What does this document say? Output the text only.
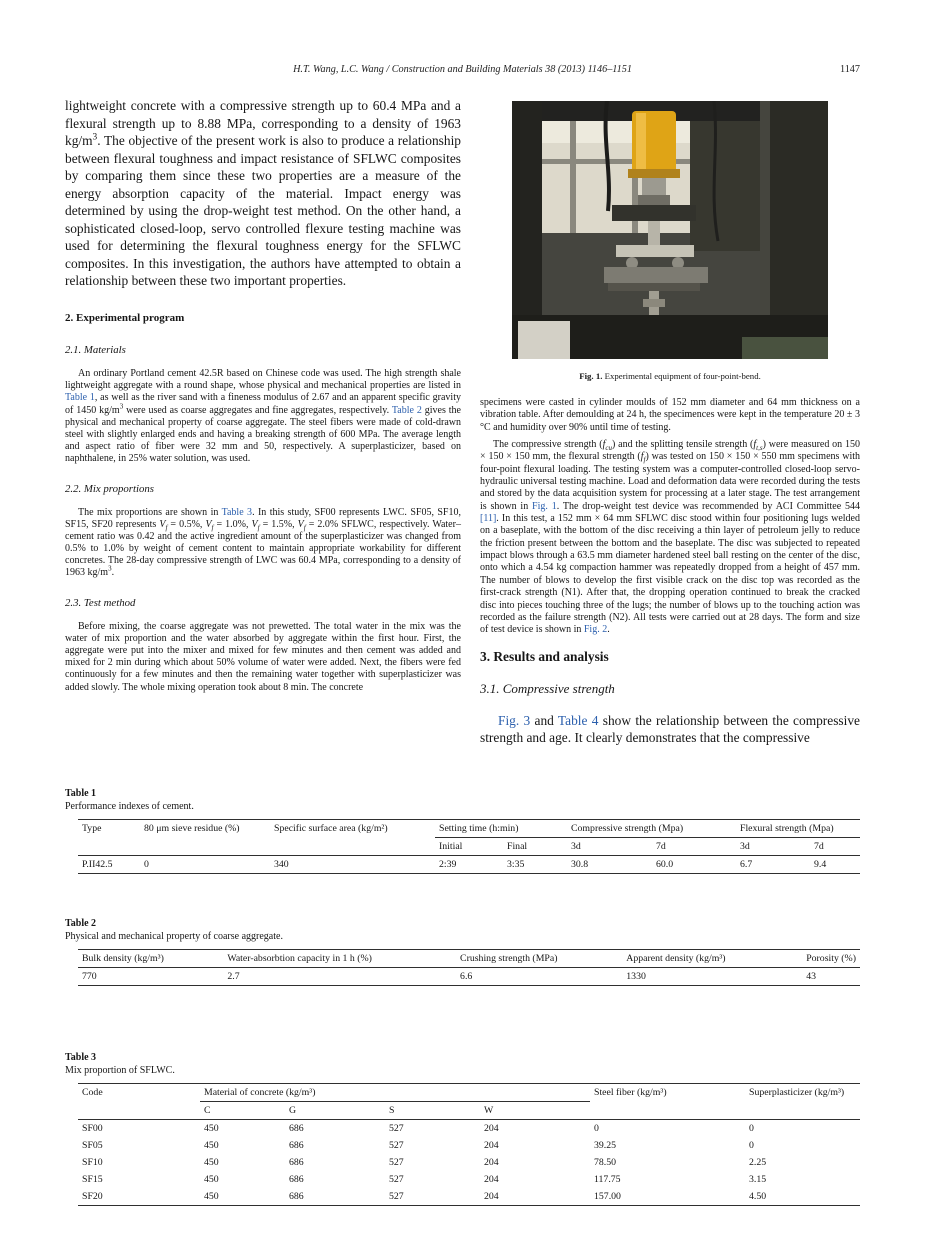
H.T. Wang, L.C. Wang / Construction and Building Materials 38 (2013) 1146–1151	1147

lightweight concrete with a compressive strength up to 60.4 MPa and a flexural strength up to 8.88 MPa, corresponding to a density of 1963 $kg/m^3$. The objective of the present work is also to produce a relationship between flexural toughness and impact resistance of SFLWC composites by comparing them since these two properties are a measure of the energy absorption capacity of the material. Impact energy was determined by using the drop-weight test method. On the other hand, a sophisticated closed-loop, servo controlled flexure testing machine was used for determining the flexural toughness energy for the SFLWC composites. In this investigation, the authors have attempted to obtain a relationship between these two important properties.

2. Experimental program
2.1. Materials

An ordinary Portland cement 42.5R based on Chinese code was used. The high strength shale lightweight aggregate with a round shape, whose physical and mechanical properties are listed in Table 1, as well as the river sand with a fineness modulus of 2.67 and an apparent specific gravity of 1450 $kg/m^3$ were used as coarse aggregates and fine aggregates, respectively. Table 2 gives the physical and mechanical property of coarse aggregate. The steel fibers were made of cold-drawn steel with slightly enlarged ends and having a breaking strength of 600 MPa. The average length and aspect ratio of fiber were 32 mm and 50, respectively. A superplasticizer, based on naphthalene, in 25% water solution, was used.

2.2. Mix proportions

The mix proportions are shown in Table 3. In this study, SF00 represents LWC. SF05, SF10, SF15, SF20 represents $V_f = 0.5\%$, $V_f = 1.0\%$, $V_f = 1.5\%$, $V_f = 2.0\%$ SFLWC, respectively. Water–cement ratio was 0.42 and the active ingredient amount of the superplasticizer was changed from 0.5% to 1.0% by weight of cement content to maintain appropriate workability for different concretes. The 28-day compressive strength of LWC was 60.4 MPa, corresponding to a density of 1963 $kg/m^3$.

2.3. Test method

Before mixing, the coarse aggregate was not prewetted. The total water in the mix was the water of mix proportion and the water absorbed by aggregate within the first hour. First, the aggregate were put into the mixer and mixed for few minutes and then cement was added and mixed for 2 min during which about 50% volume of water were added. Next, the fibers were fed continuously for a few minutes and then the remaining water together with superplasticizer was added slowly. The whole mixing operation took about 8 min. The concrete

Fig. 1. Experimental equipment of four-point-bend.

specimens were casted in cylinder moulds of 152 mm diameter and 64 mm thickness on a vibration table. After demoulding at 24 h, the specimences were kept in the temperature 20 ± 3 °C and humidity over 90% until time of testing.

The compressive strength $(f_{cu})$ and the splitting tensile strength $(f_{t,s})$ were measured on 150 × 150 × 150 mm, the flexural strength $(f_f)$ was tested on 150 × 150 × 550 mm specimens with four-point flexural loading. The testing system was a computer-controlled closed-loop servo-hydraulic universal testing machine. Load and deformation data were recorded during the tests and stored by the data acquisition system for processing at a later stage. The test arrangement is shown in Fig. 1. The drop-weight test device was recommended by ACI Committee 544 [11]. In this test, a 152 mm × 64 mm SFLWC disc stood within four positioning lugs welded on a baseplate, with the bottom of the disc receiving a thin layer of petroleum jelly to reduce the friction present between the bottom and the baseplate. The disc was subjected to repeated impact blows through a 63.5 mm diameter hardened steel ball resting on the center of the disc, onto which a 4.54 kg compaction hammer was repeatedly dropped from a height of 457 mm. The number of blows to develop the first visible crack on the disc top was recorded as the first-crack strength (N1). After that, the dropping operation continued to break the cracked disc into pieces touching three of the lugs; the number of blows up to the touching action was recorded as the failure strength (N2). All tests were carried out at 28 days. The form and size of test device is shown in Fig. 2.

3. Results and analysis
3.1. Compressive strength

Fig. 3 and Table 4 show the relationship between the compressive strength and age. It clearly demonstrates that the compressive

Table 1

Performance indexes of cement.

Type	80 μm sieve residue (%)	Specific surface area (kg/m²)	Setting time (h:min)		Compressive strength (Mpa)		Flexural strength (Mpa)	
			Initial	Final	3d	7d	3d	7d
P.II42.5	0	340	2:39	3:35	30.8	60.0	6.7	9.4

Table 2

Physical and mechanical property of coarse aggregate.

Bulk density (kg/m³)	Water-absorbtion capacity in 1 h (%)	Crushing strength (MPa)	Apparent density (kg/m³)	Porosity (%)
770	2.7	6.6	1330	43

Table 3

Mix proportion of SFLWC.

Code	Material of concrete (kg/m³)				Steel fiber (kg/m³)	Superplasticizer (kg/m³)
	C	G	S	W		
SF00	450	686	527	204	0	0
SF05	450	686	527	204	39.25	0
SF10	450	686	527	204	78.50	2.25
SF15	450	686	527	204	117.75	3.15
SF20	450	686	527	204	157.00	4.50
